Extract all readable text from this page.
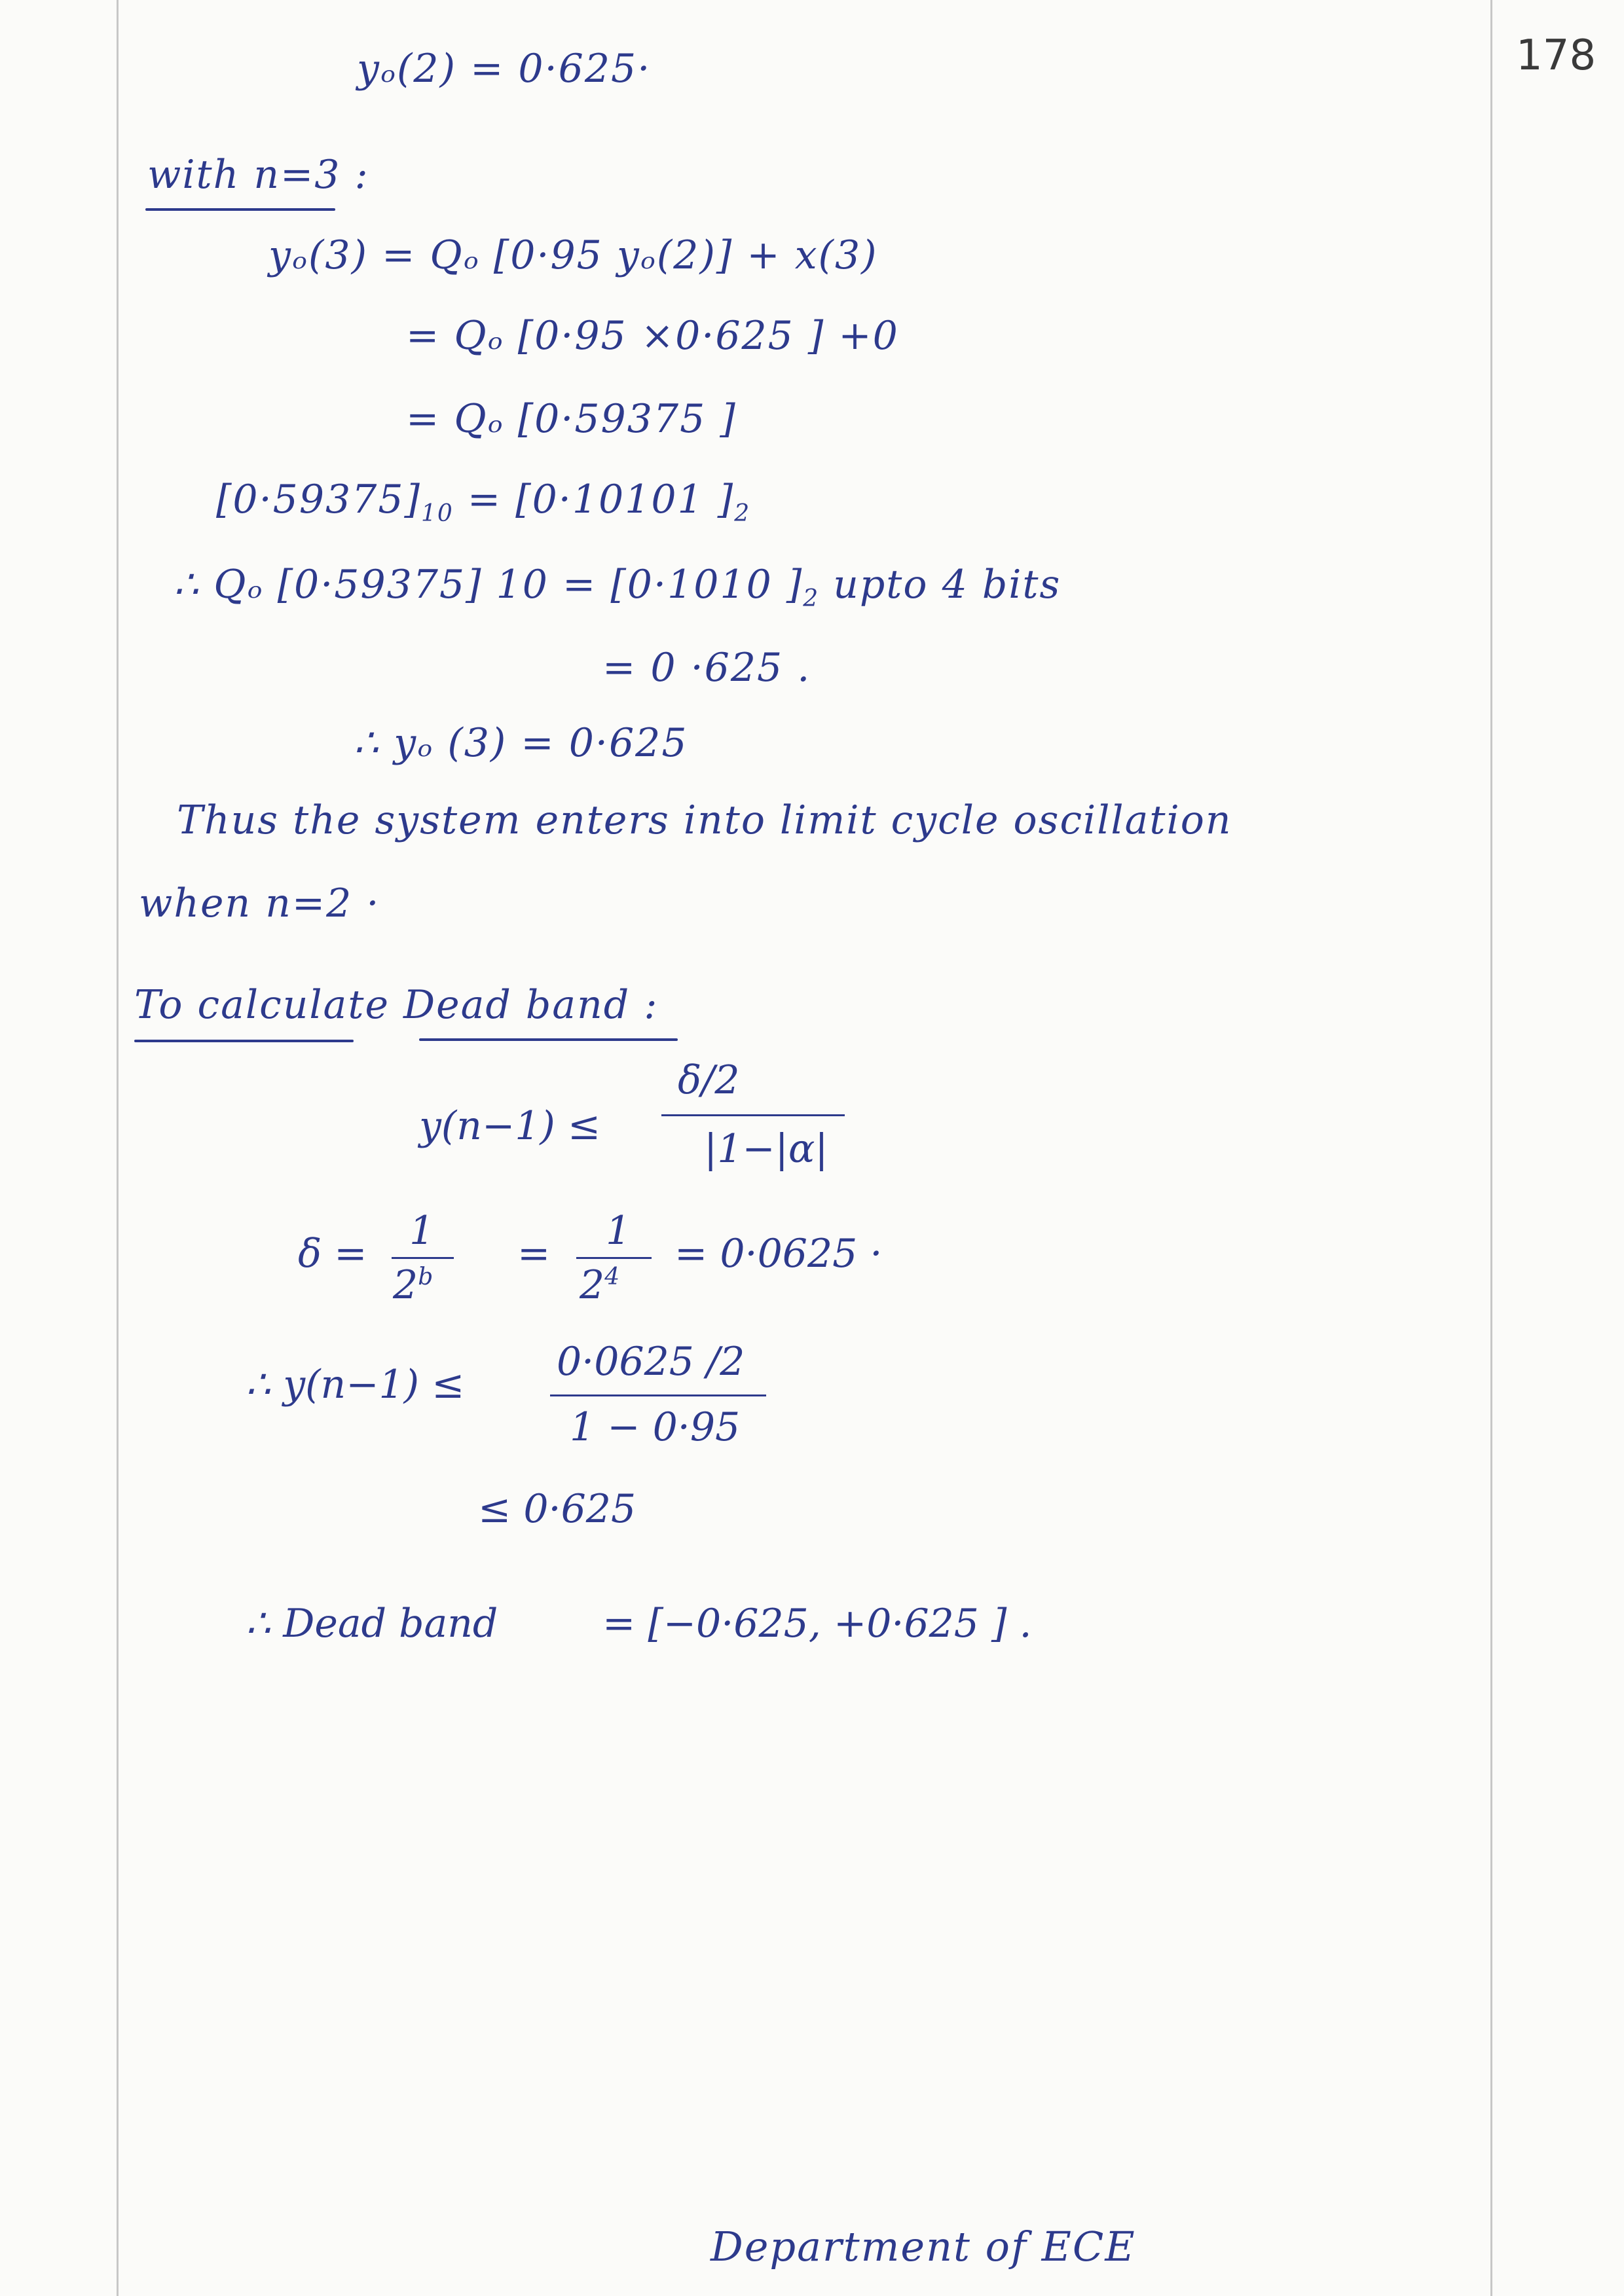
178
yₒ(2) = 0·625·
with n=3 :
yₒ(3) = Qₒ [0·95 yₒ(2)] + x(3)
= Qₒ [0·95 ×0·625 ] +0
= Qₒ [0·59375 ]
$[0\cdot 59375]_{10} = [0\cdot 10101$ ]$_2$
∴ Qₒ [0·59375] 10 = [0·1010 ]$_2$ upto 4 bits
= 0 ·625 .
∴ yₒ (3) = 0·625
Thus the system enters into limit cycle oscillation
when n=2 ·
To calculate Dead band :
y(n−1) ≤
δ/2
|1−|α|
δ = 1
$2^b$
= 1
$2^4$
= 0·0625 ·
∴ y(n−1) ≤ 0·0625 /2
1 − 0·95
≤ 0·625
∴ Dead band	= [−0·625, +0·625 ] .
Department of ECE
